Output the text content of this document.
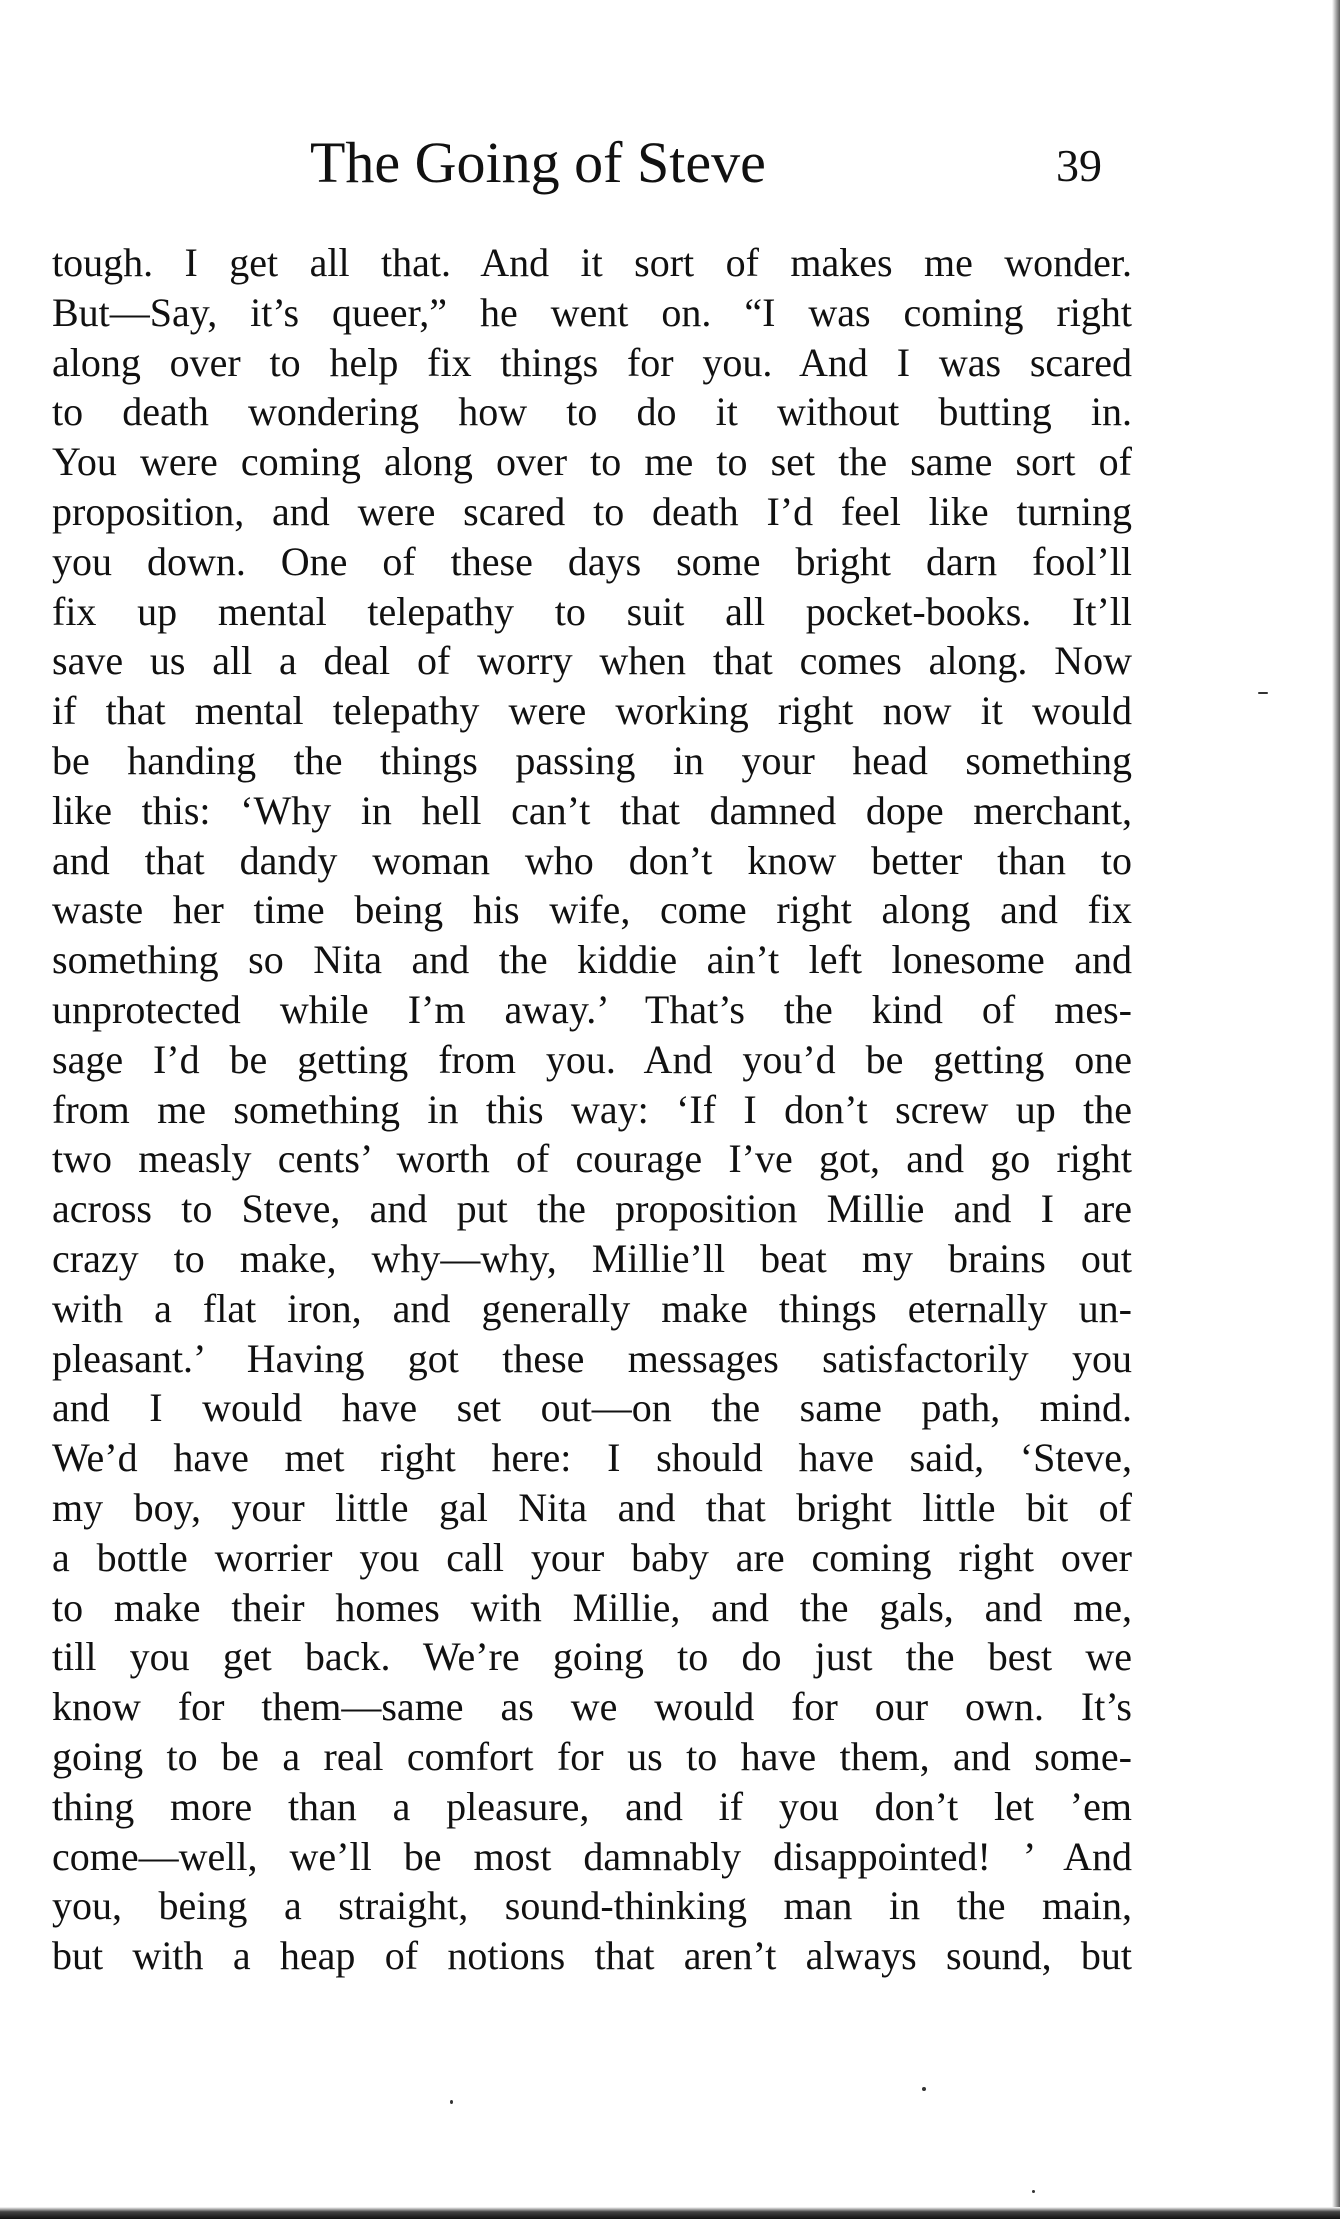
The Going of Steve	39
tough. I get all that. And it sort of makes me wonder.
But—Say, it’s queer,” he went on. “I was coming right
along over to help fix things for you. And I was scared
to death wondering how to do it without butting in.
You were coming along over to me to set the same sort of
proposition, and were scared to death I’d feel like turning
you down. One of these days some bright darn fool’ll
fix up mental telepathy to suit all pocket-books. It’ll
save us all a deal of worry when that comes along. Now
if that mental telepathy were working right now it would
be handing the things passing in your head something
like this: ‘Why in hell can’t that damned dope merchant,
and that dandy woman who don’t know better than to
waste her time being his wife, come right along and fix
something so Nita and the kiddie ain’t left lonesome and
unprotected while I’m away.’ That’s the kind of mes-
sage I’d be getting from you. And you’d be getting one
from me something in this way: ‘If I don’t screw up the
two measly cents’ worth of courage I’ve got, and go right
across to Steve, and put the proposition Millie and I are
crazy to make, why—why, Millie’ll beat my brains out
with a flat iron, and generally make things eternally un-
pleasant.’ Having got these messages satisfactorily you
and I would have set out—on the same path, mind.
We’d have met right here: I should have said, ‘Steve,
my boy, your little gal Nita and that bright little bit of
a bottle worrier you call your baby are coming right over
to make their homes with Millie, and the gals, and me,
till you get back. We’re going to do just the best we
know for them—same as we would for our own. It’s
going to be a real comfort for us to have them, and some-
thing more than a pleasure, and if you don’t let ’em
come—well, we’ll be most damnably disappointed! ’ And
you, being a straight, sound-thinking man in the main,
but with a heap of notions that aren’t always sound, but
